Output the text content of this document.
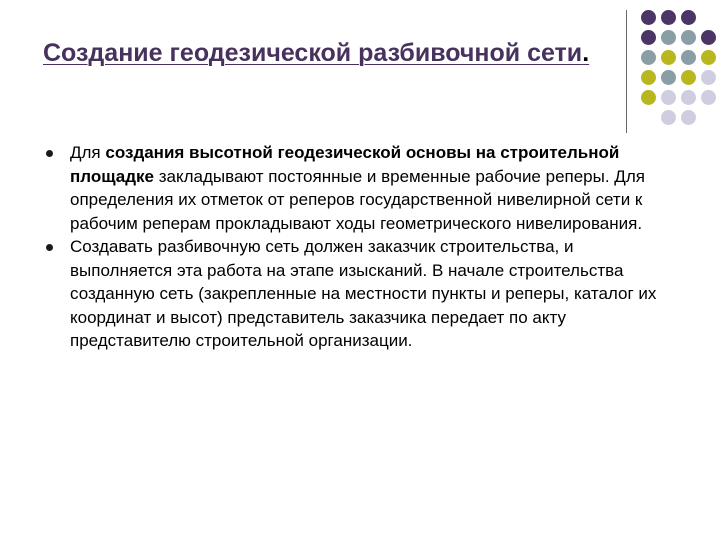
Создание геодезической разбивочной сети.
Для создания высотной геодезической основы на строительной площадке закладывают постоянные и временные рабочие реперы. Для определения их отметок от реперов государственной нивелирной сети к рабочим реперам прокладывают ходы геометрического нивелирования.
Создавать разбивочную сеть должен заказчик строительства, и выполняется эта работа на этапе изысканий. В начале строительства созданную сеть (закрепленные на местности пункты и реперы, каталог их координат и высот) представитель заказчика передает по акту представителю строительной организации.
